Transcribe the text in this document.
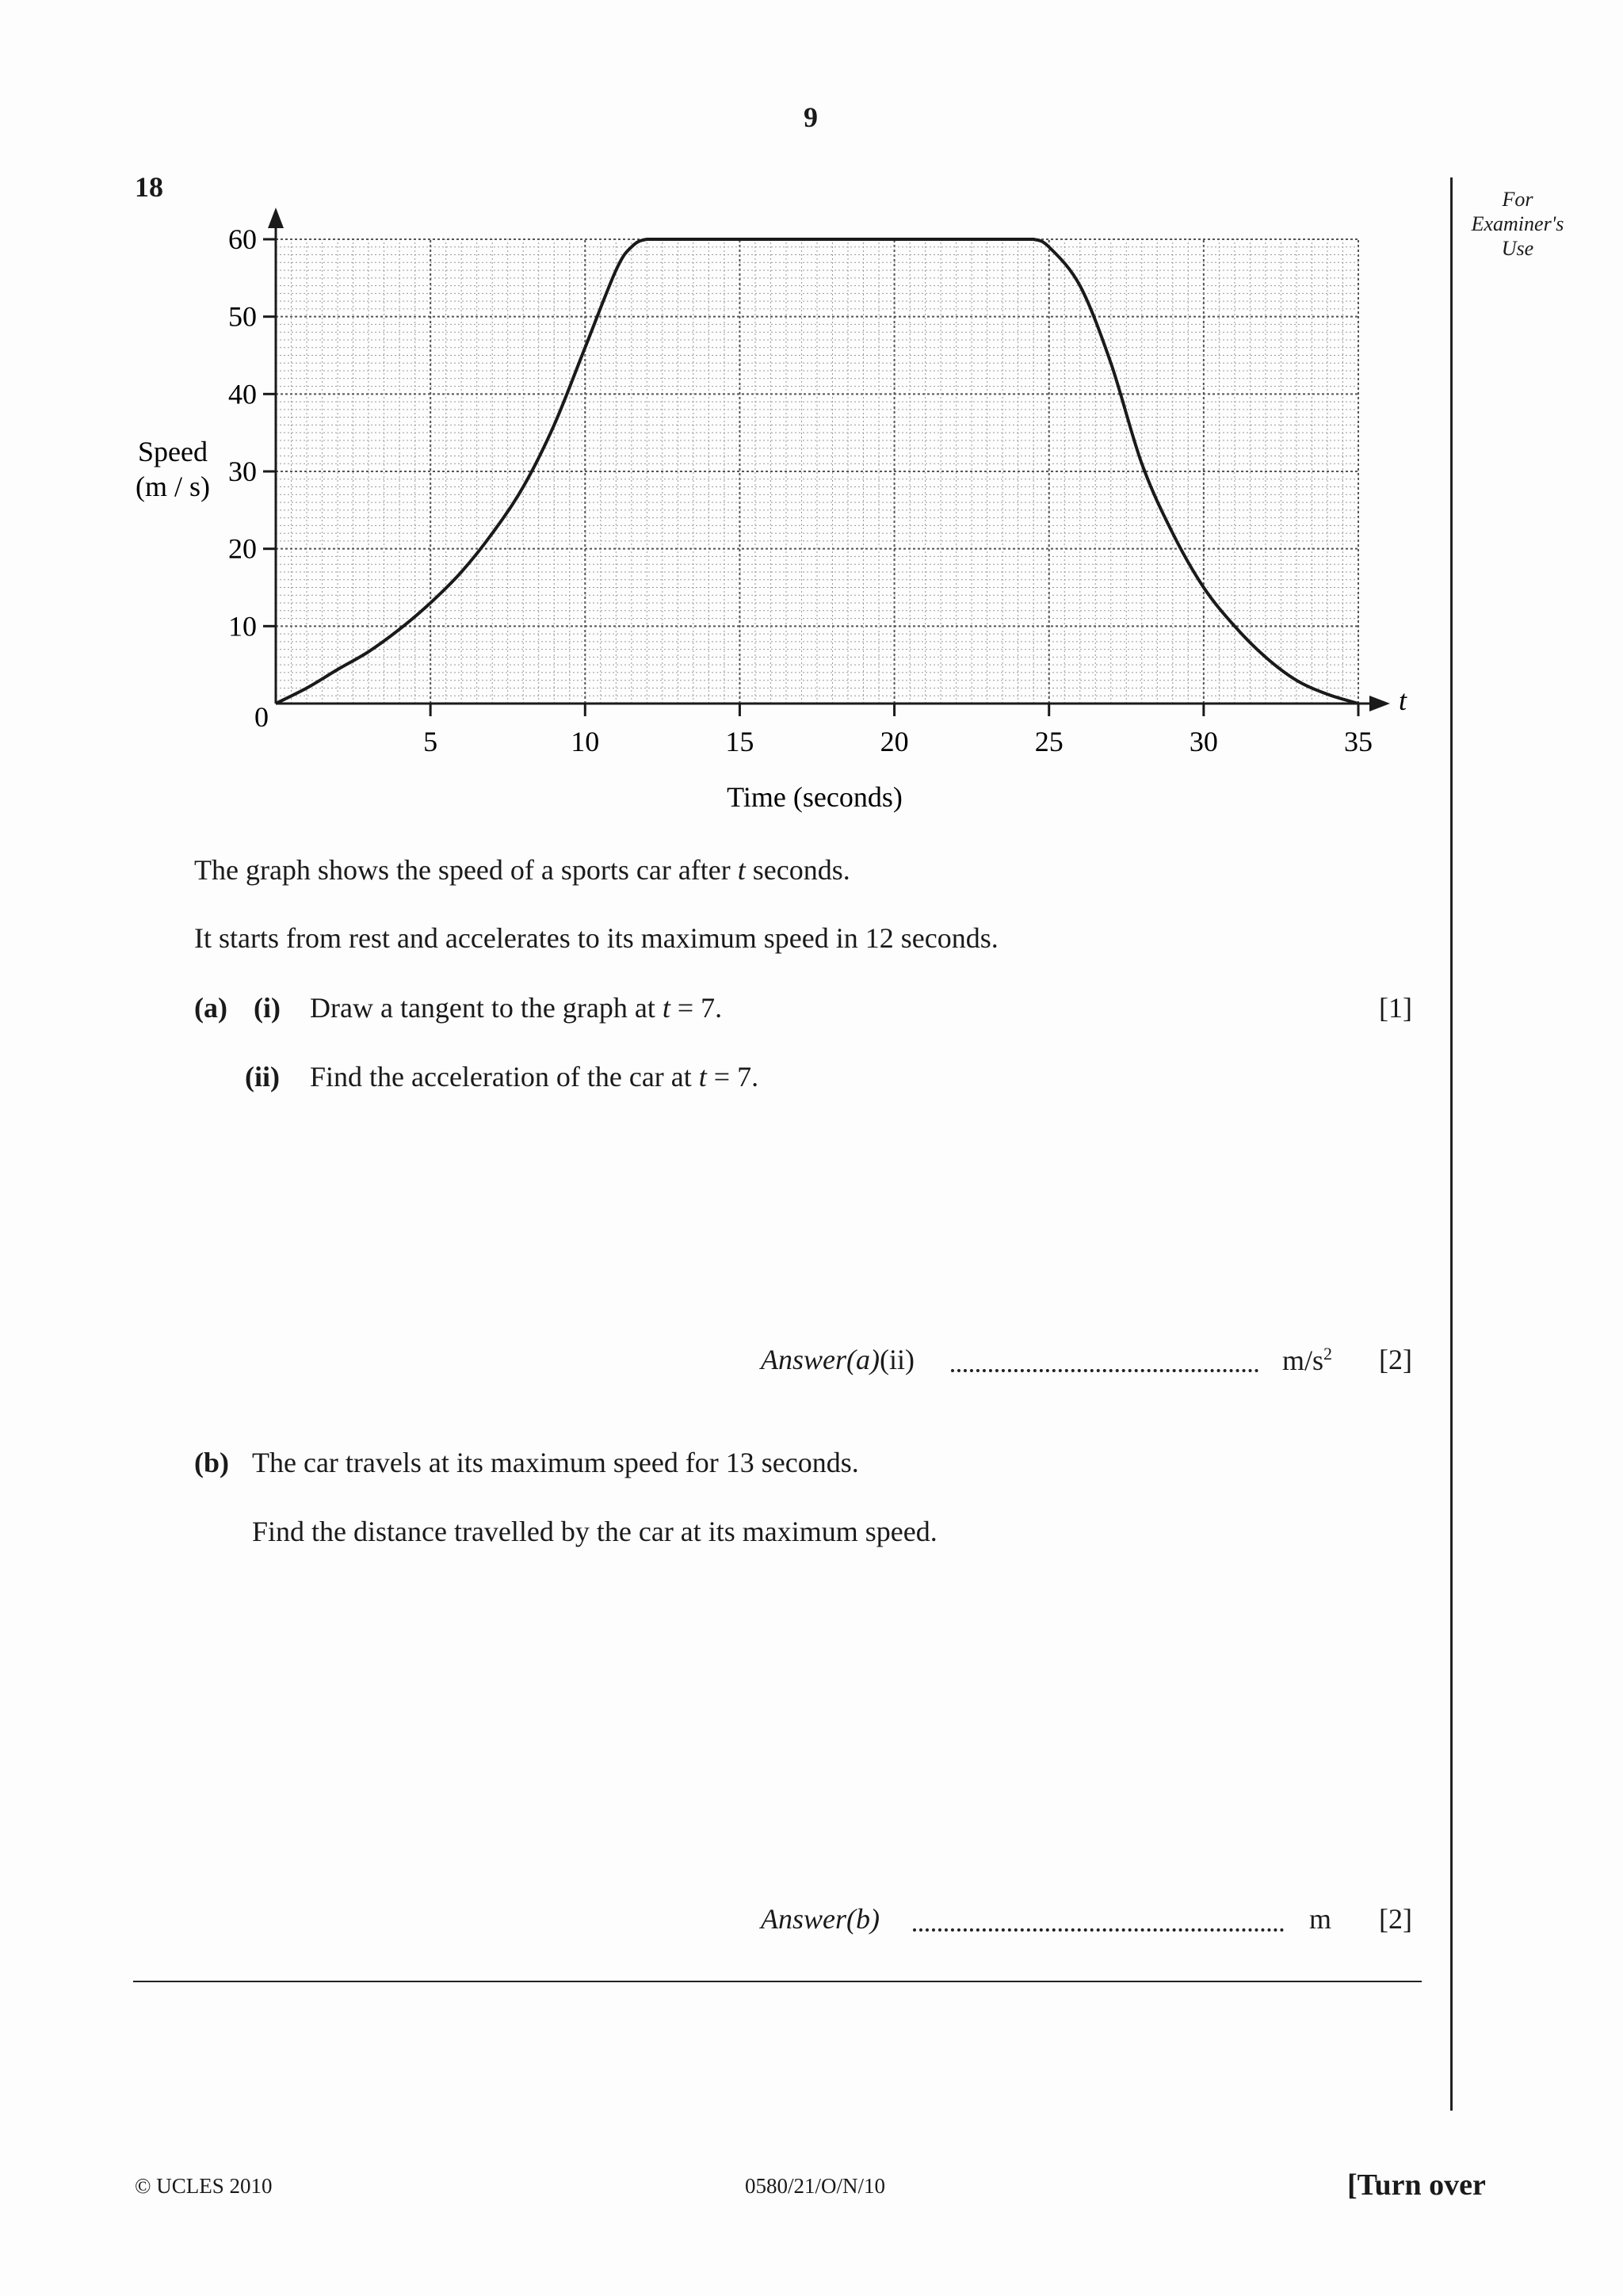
9
18	For
Examiner's
Use
10
20
30
40
50
60
5	10	15	20	25	30	35
0
t
Time (seconds)
Speed
(m / s)
The graph shows the speed of a sports car after t seconds.
It starts from rest and accelerates to its maximum speed in 12 seconds.
(a) (i) Draw a tangent to the graph at t = 7.	[1]
(ii) Find the acceleration of the car at t = 7.
Answer(a)(ii)	$m/s^2$ [2]
(b) The car travels at its maximum speed for 13 seconds.
Find the distance travelled by the car at its maximum speed.
Answer(b)	m [2]
© UCLES 2010	0580/21/O/N/10	[Turn over
